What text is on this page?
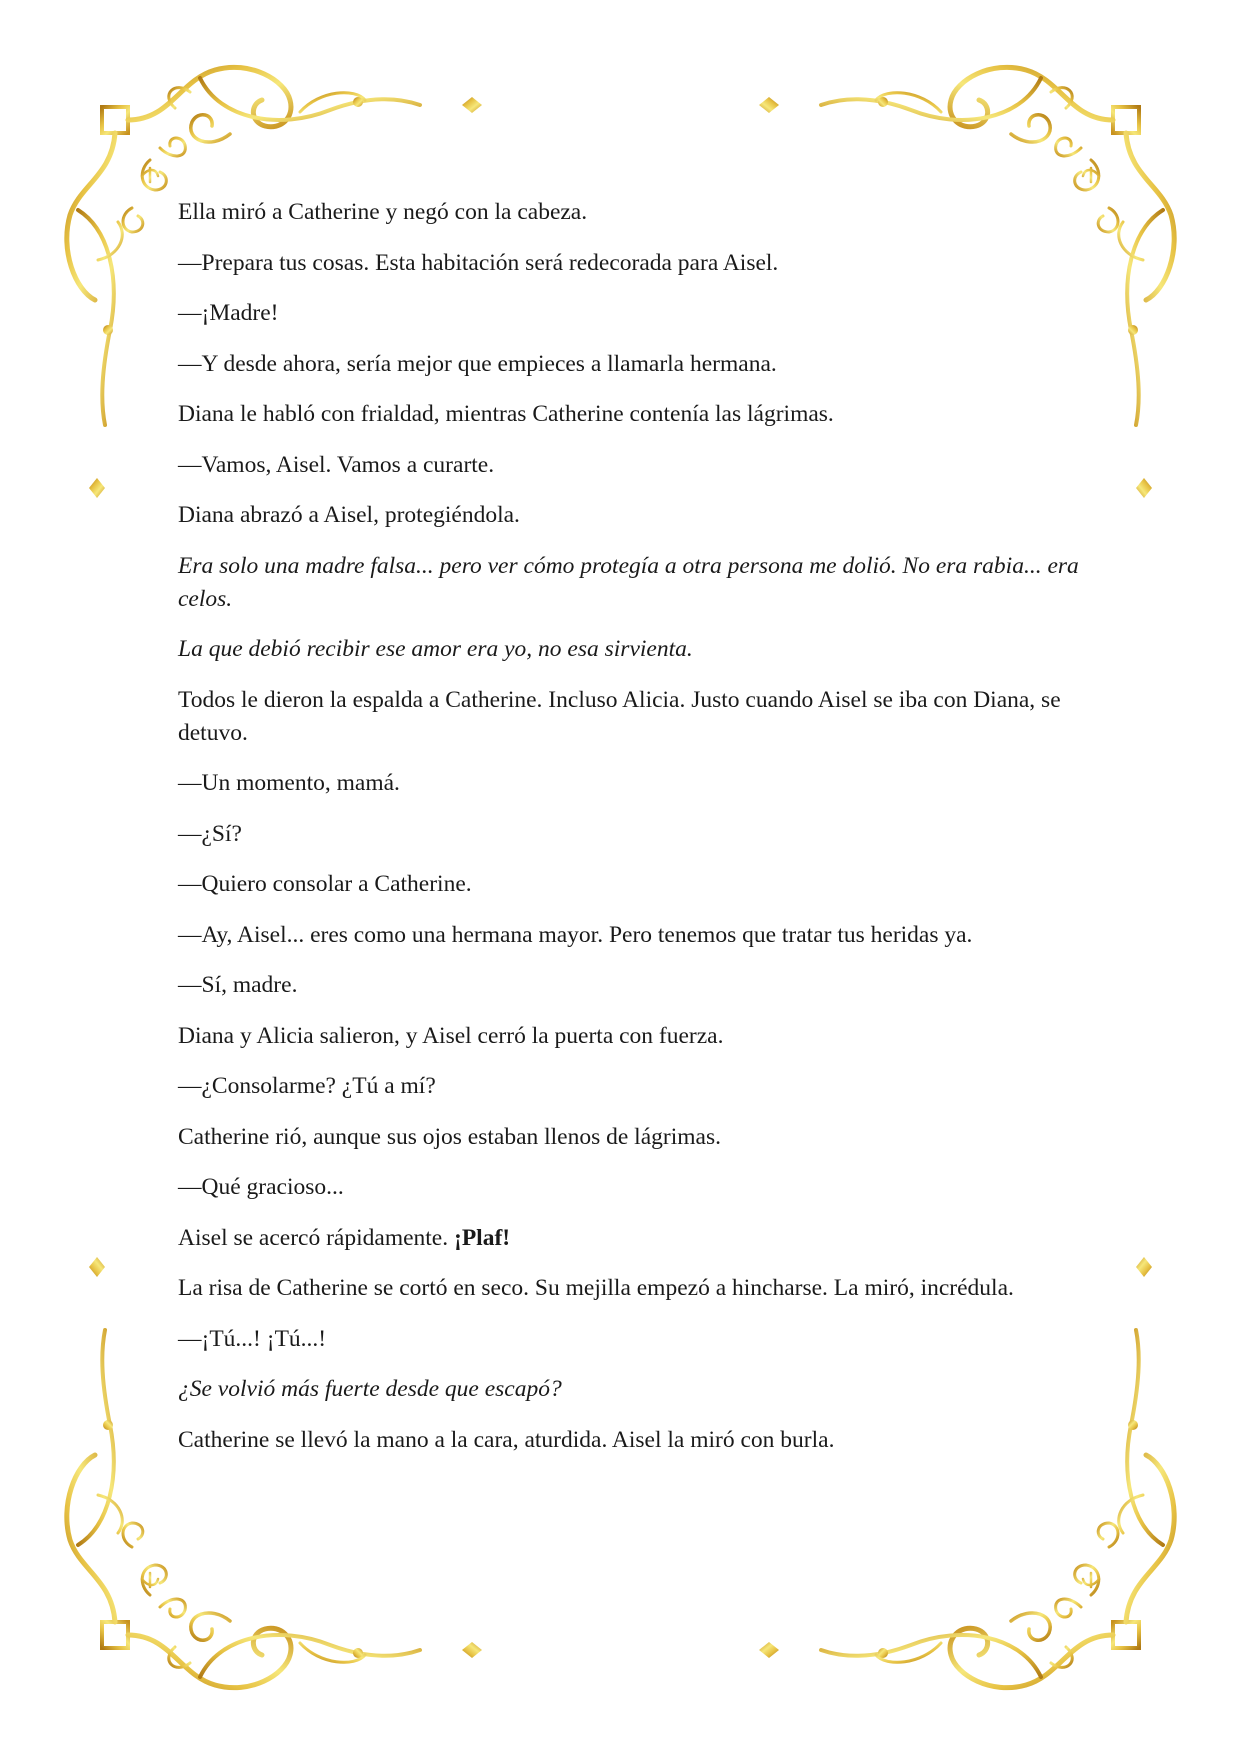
Ella miró a Catherine y negó con la cabeza.

—Prepara tus cosas. Esta habitación será redecorada para Aisel.

—¡Madre!

—Y desde ahora, sería mejor que empieces a llamarla hermana.

Diana le habló con frialdad, mientras Catherine contenía las lágrimas.

—Vamos, Aisel. Vamos a curarte.

Diana abrazó a Aisel, protegiéndola.

Era solo una madre falsa... pero ver cómo protegía a otra persona me dolió. No era rabia... era celos.

La que debió recibir ese amor era yo, no esa sirvienta.

Todos le dieron la espalda a Catherine. Incluso Alicia. Justo cuando Aisel se iba con Diana, se detuvo.

—Un momento, mamá.

—¿Sí?

—Quiero consolar a Catherine.

—Ay, Aisel... eres como una hermana mayor. Pero tenemos que tratar tus heridas ya.

—Sí, madre.

Diana y Alicia salieron, y Aisel cerró la puerta con fuerza.

—¿Consolarme? ¿Tú a mí?

Catherine rió, aunque sus ojos estaban llenos de lágrimas.

—Qué gracioso...

Aisel se acercó rápidamente. ¡Plaf!

La risa de Catherine se cortó en seco. Su mejilla empezó a hincharse. La miró, incrédula.

—¡Tú...! ¡Tú...!

¿Se volvió más fuerte desde que escapó?

Catherine se llevó la mano a la cara, aturdida. Aisel la miró con burla.
